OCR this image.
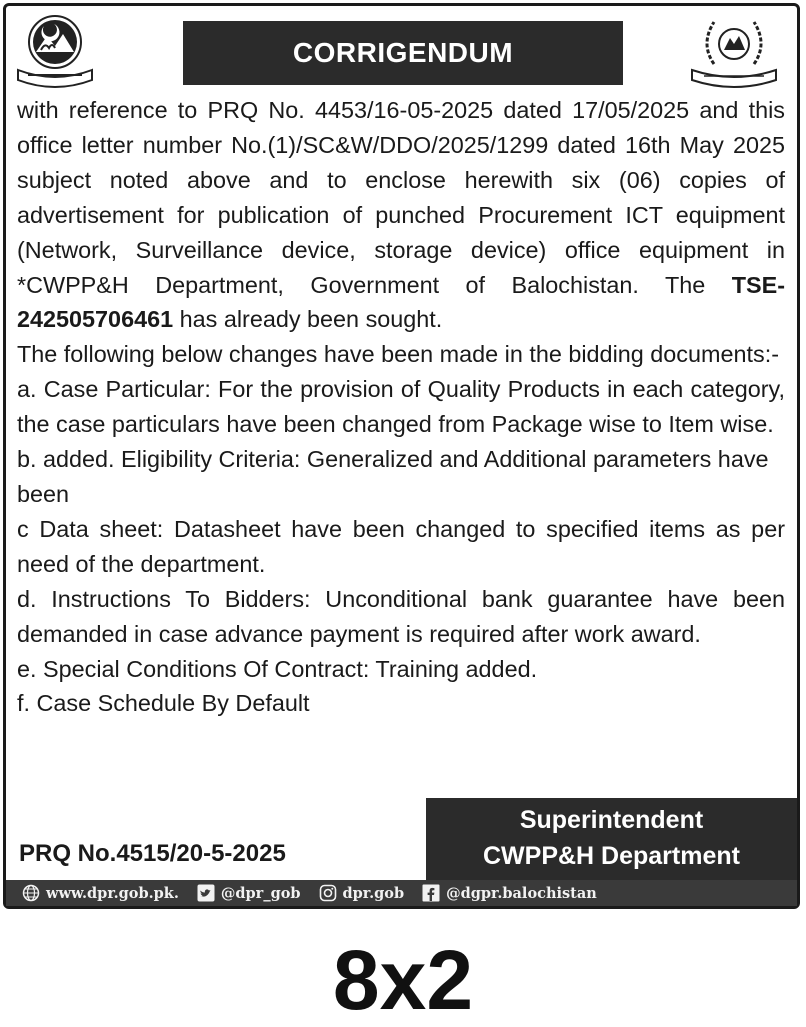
CORRIGENDUM

with reference to PRQ No. 4453/16-05-2025 dated 17/05/2025 and this office letter number No.(1)/SC&W/DDO/2025/1299 dated 16th May 2025 subject noted above and to enclose herewith six (06) copies of advertisement for publication of punched Procurement ICT equipment (Network, Surveillance device, storage device) office equipment in *CWPP&H Department, Government of Balochistan. The TSE-242505706461 has already been sought.

The following below changes have been made in the bidding documents:-

a. Case Particular: For the provision of Quality Products in each category, the case particulars have been changed from Package wise to Item wise.

b. added. Eligibility Criteria: Generalized and Additional parameters have been

c Data sheet: Datasheet have been changed to specified items as per need of the department.

d. Instructions To Bidders: Unconditional bank guarantee have been demanded in case advance payment is required after work award.

e. Special Conditions Of Contract: Training added.

f. Case Schedule By Default

Superintendent
CWPP&H Department
PRQ No.4515/20-5-2025
www.dpr.gob.pk.	@dpr_gob	dpr.gob	@dgpr.balochistan
8x2
